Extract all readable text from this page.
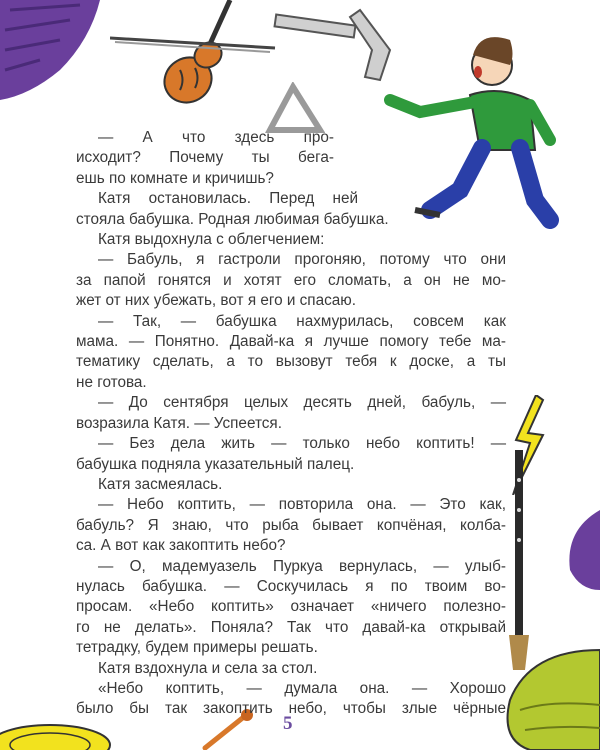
— А что здесь про-
исходит? Почему ты бега-
ешь по комнате и кричишь?
Катя остановилась. Перед ней
стояла бабушка. Родная любимая бабушка.
Катя выдохнула с облегчением:
— Бабуль, я гастроли прогоняю, потому что они
за папой гонятся и хотят его сломать, а он не мо-
жет от них убежать, вот я его и спасаю.
— Так, — бабушка нахмурилась, совсем как
мама. — Понятно. Давай-ка я лучше помогу тебе ма-
тематику сделать, а то вызовут тебя к доске, а ты
не готова.
— До сентября целых десять дней, бабуль, —
возразила Катя. — Успеется.
— Без дела жить — только небо коптить! —
бабушка подняла указательный палец.
Катя засмеялась.
— Небо коптить, — повторила она. — Это как,
бабуль? Я знаю, что рыба бывает копчёная, колба-
са. А вот как закоптить небо?
— О, мадемуазель Пуркуа вернулась, — улыб-
нулась бабушка. — Соскучилась я по твоим во-
просам. «Небо коптить» означает «ничего полезно-
го не делать». Поняла? Так что давай-ка открывай
тетрадку, будем примеры решать.
Катя вздохнула и села за стол.
«Небо коптить, — думала она. — Хорошо
было бы так закоптить небо, чтобы злые чёрные
5
